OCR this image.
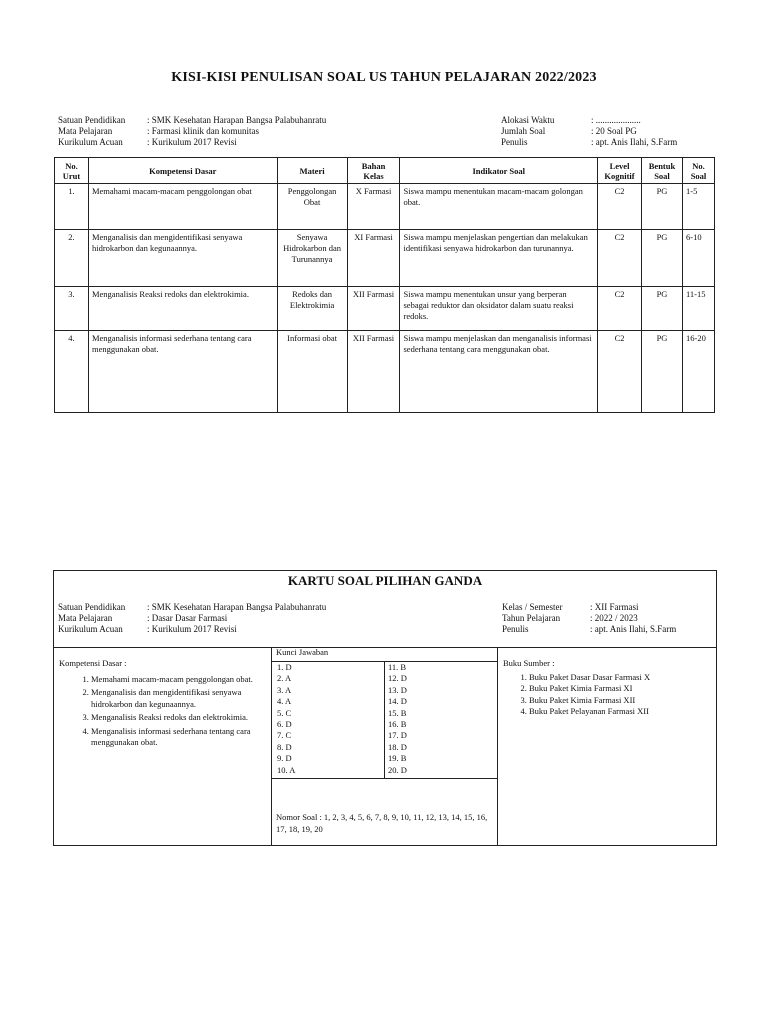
KISI-KISI PENULISAN SOAL US TAHUN PELAJARAN 2022/2023
Satuan Pendidikan : SMK Kesehatan Harapan Bangsa Palabuhanratu
Mata Pelajaran	: Farmasi klinik dan komunitas
Kurikulum Acuan	: Kurikulum 2017 Revisi
Alokasi Waktu	: ....................
Jumlah Soal	: 20 Soal PG
Penulis	: apt. Anis Ilahi, S.Farm
No. Urut	Kompetensi Dasar	Materi	Bahan Kelas	Indikator Soal	Level Kognitif	Bentuk Soal	No. Soal
1.	Memahami macam-macam penggolongan obat	Penggolongan Obat	X Farmasi	Siswa mampu menentukan macam-macam golongan obat.	C2	PG	1-5
2.	Menganalisis dan mengidentifikasi senyawa hidrokarbon dan kegunaannya.	Senyawa Hidrokarbon dan Turunannya	XI Farmasi	Siswa mampu menjelaskan pengertian dan melakukan identifikasi senyawa hidrokarbon dan turunannya.	C2	PG	6-10
3.	Menganalisis Reaksi redoks dan elektrokimia.	Redoks dan Elektrokimia	XII Farmasi	Siswa mampu menentukan unsur yang berperan sebagai reduktor dan oksidator dalam suatu reaksi redoks.	C2	PG	11-15
4.	Menganalisis informasi sederhana tentang cara menggunakan obat.	Informasi obat	XII Farmasi	Siswa mampu menjelaskan dan menganalisis informasi sederhana tentang cara menggunakan obat.	C2	PG	16-20
KARTU SOAL PILIHAN GANDA
Satuan Pendidikan : SMK Kesehatan Harapan Bangsa Palabuhanratu
Mata Pelajaran	: Dasar Dasar Farmasi
Kurikulum Acuan	: Kurikulum 2017 Revisi
Kelas / Semester	: XII Farmasi
Tahun Pelajaran	: 2022 / 2023
Penulis	: apt. Anis Ilahi, S.Farm
Kompetensi Dasar :
1. Memahami macam-macam penggolongan obat.
2. Menganalisis dan mengidentifikasi senyawa hidrokarbon dan kegunaannya.
3. Menganalisis Reaksi redoks dan elektrokimia.
4. Menganalisis informasi sederhana tentang cara menggunakan obat.
Kunci Jawaban
1. D
2. A
3. A
4. A
5. C
6. D
7. C
8. D
9. D
10. A
11. B
12. D
13. D
14. D
15. B
16. B
17. D
18. D
19. B
20. D
Nomor Soal : 1, 2, 3, 4, 5, 6, 7, 8, 9, 10, 11, 12, 13, 14, 15, 16, 17, 18, 19, 20
Buku Sumber :
1. Buku Paket Dasar Dasar Farmasi X
2. Buku Paket Kimia Farmasi XI
3. Buku Paket Kimia Farmasi XII
4. Buku Paket Pelayanan Farmasi XII
